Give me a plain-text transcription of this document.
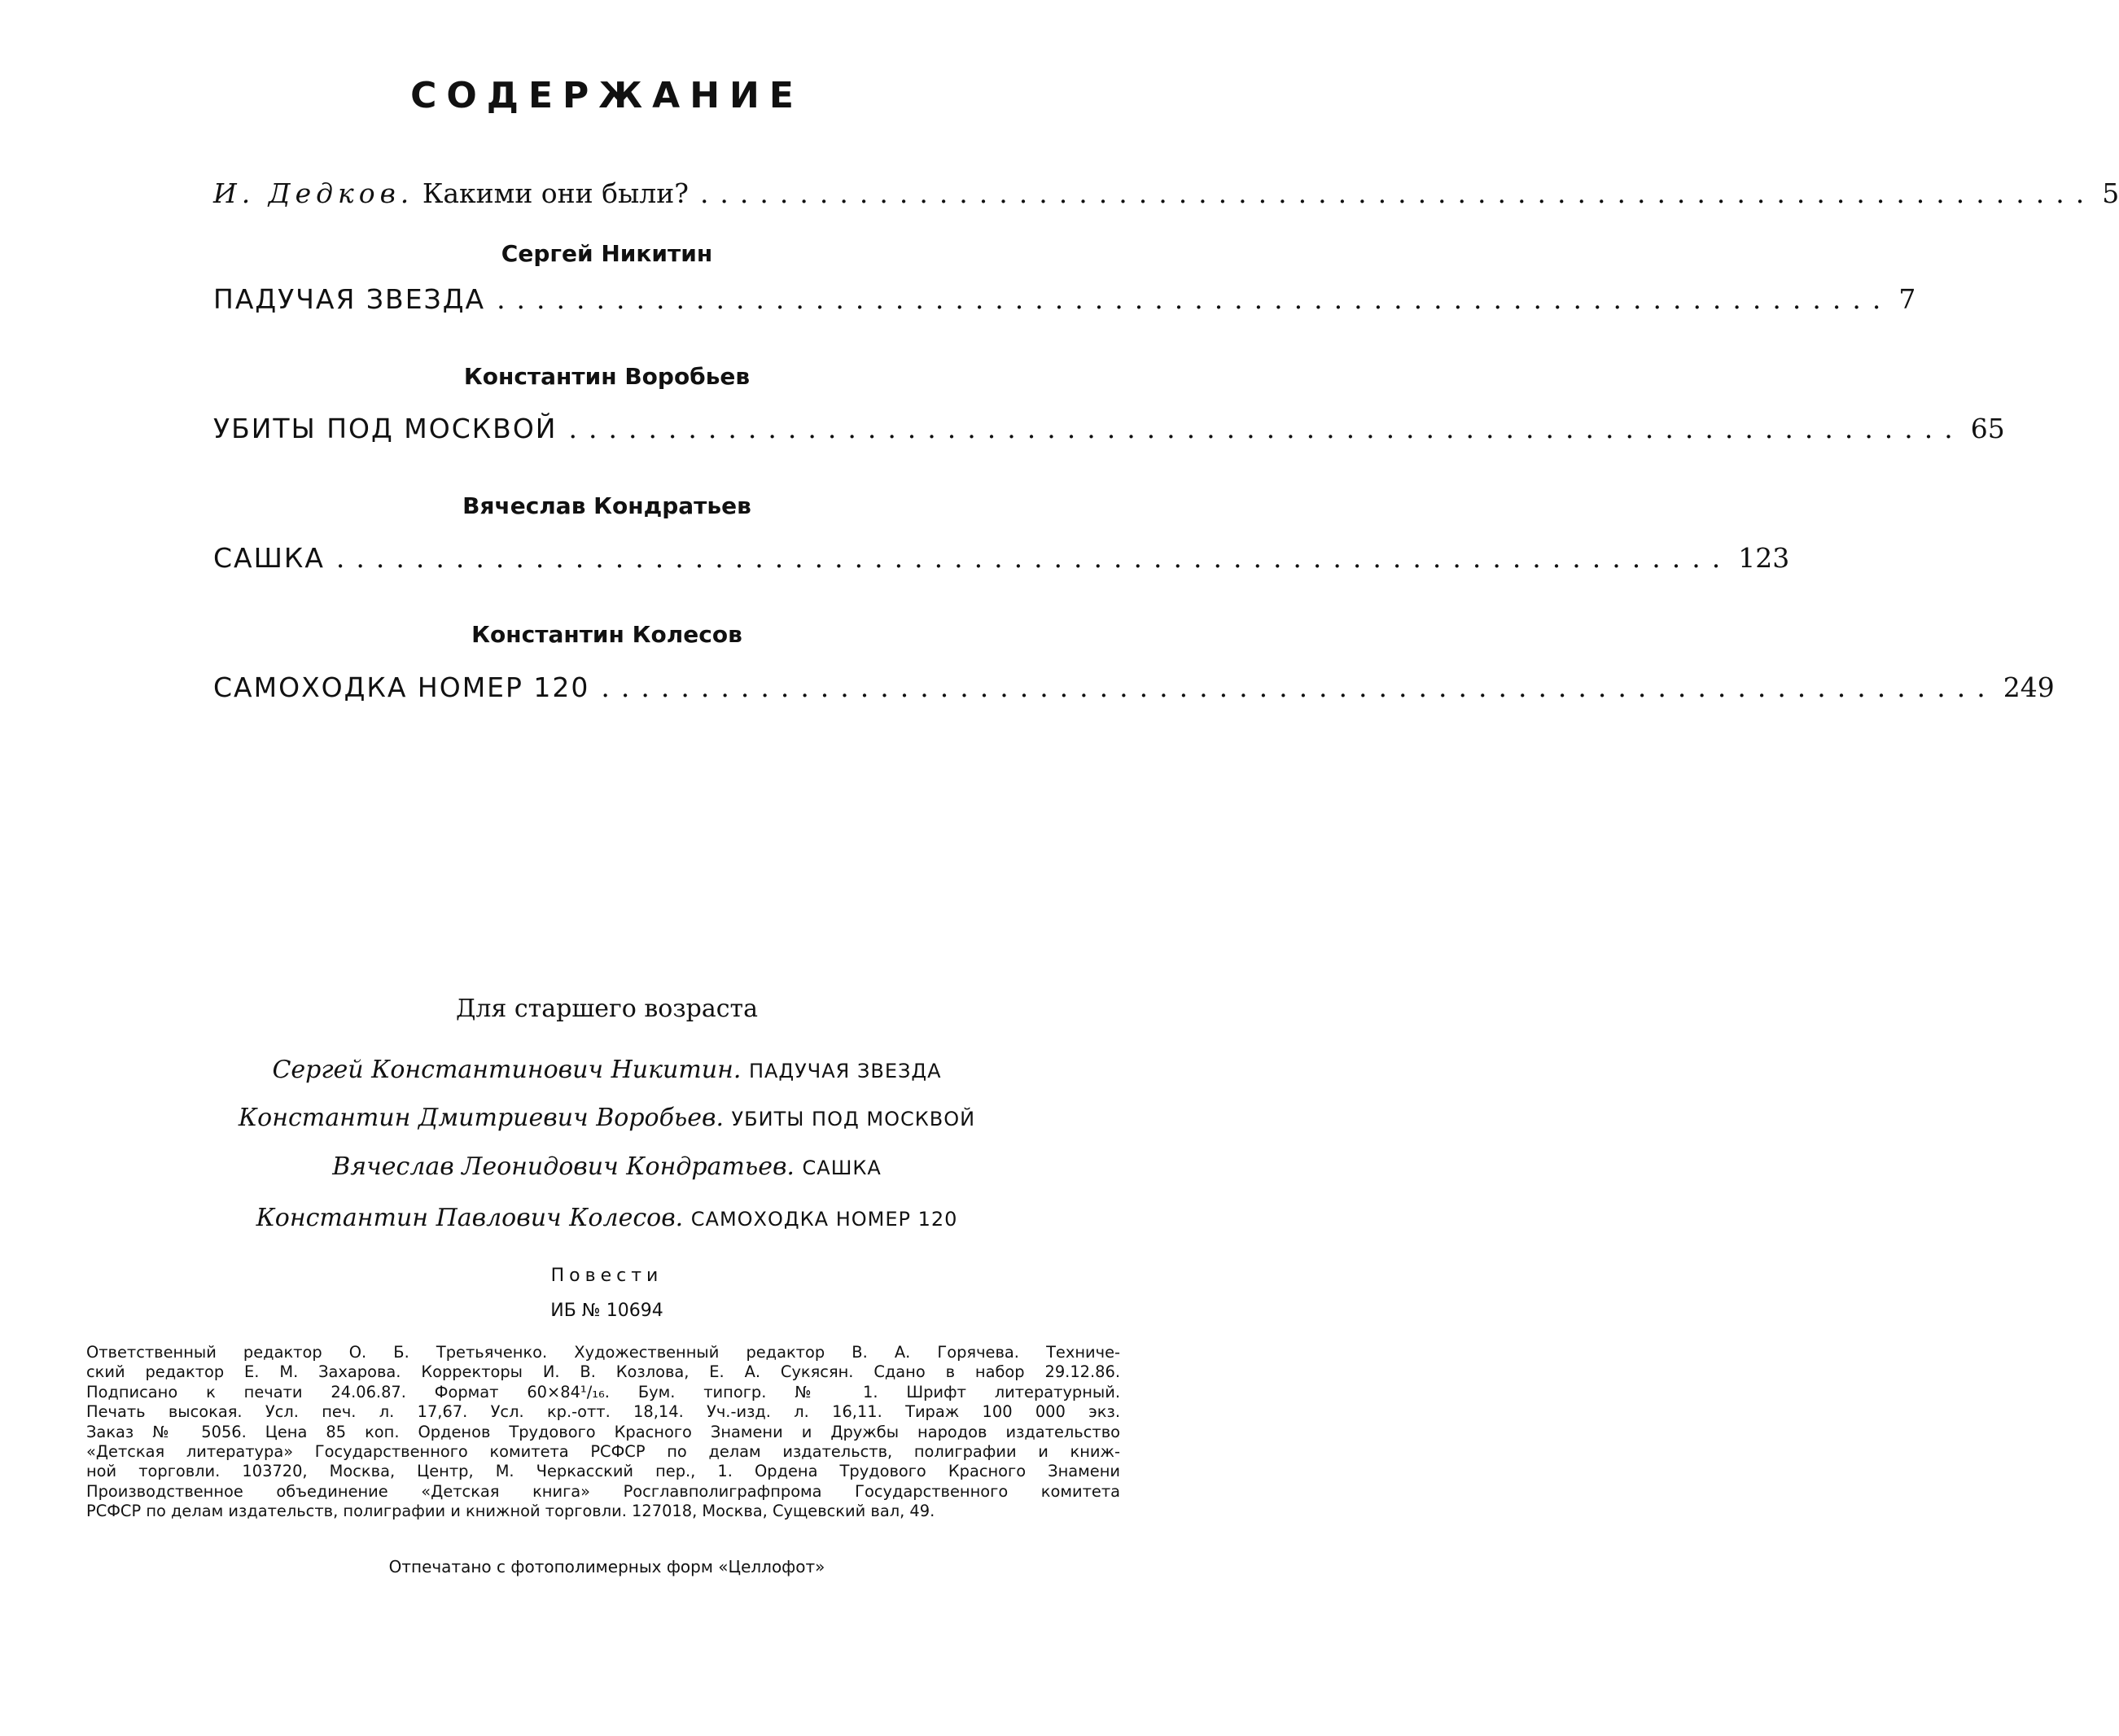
СОДЕРЖАНИЕ
И. Дедков. Какими они были? ...................................................................... 5
Сергей Никитин
ПАДУЧАЯ ЗВЕЗДА ...................................................................... 7
Константин Воробьев
УБИТЫ ПОД МОСКВОЙ ...................................................................... 65
Вячеслав Кондратьев
САШКА ...................................................................... 123
Константин Колесов
САМОХОДКА НОМЕР 120 ...................................................................... 249
Для старшего возраста
Сергей Константинович Никитин. ПАДУЧАЯ ЗВЕЗДА
Константин Дмитриевич Воробьев. УБИТЫ ПОД МОСКВОЙ
Вячеслав Леонидович Кондратьев. САШКА
Константин Павлович Колесов. САМОХОДКА НОМЕР 120
Повести
ИБ № 10694
Ответственный редактор О. Б. Третьяченко. Художественный редактор В. А. Горячева. Техниче-
ский редактор Е. М. Захарова. Корректоры И. В. Козлова, Е. А. Сукясян. Сдано в набор 29.12.86.
Подписано к печати 24.06.87. Формат 60×84¹/₁₆. Бум. типогр. № 1. Шрифт литературный.
Печать высокая. Усл. печ. л. 17,67. Усл. кр.-отт. 18,14. Уч.-изд. л. 16,11. Тираж 100 000 экз.
Заказ № 5056. Цена 85 коп. Орденов Трудового Красного Знамени и Дружбы народов издательство
«Детская литература» Государственного комитета РСФСР по делам издательств, полиграфии и книж-
ной торговли. 103720, Москва, Центр, М. Черкасский пер., 1. Ордена Трудового Красного Знамени
Производственное объединение «Детская книга» Росглавполиграфпрома Государственного комитета
РСФСР по делам издательств, полиграфии и книжной торговли. 127018, Москва, Сущевский вал, 49.
Отпечатано с фотополимерных форм «Целлофот»
